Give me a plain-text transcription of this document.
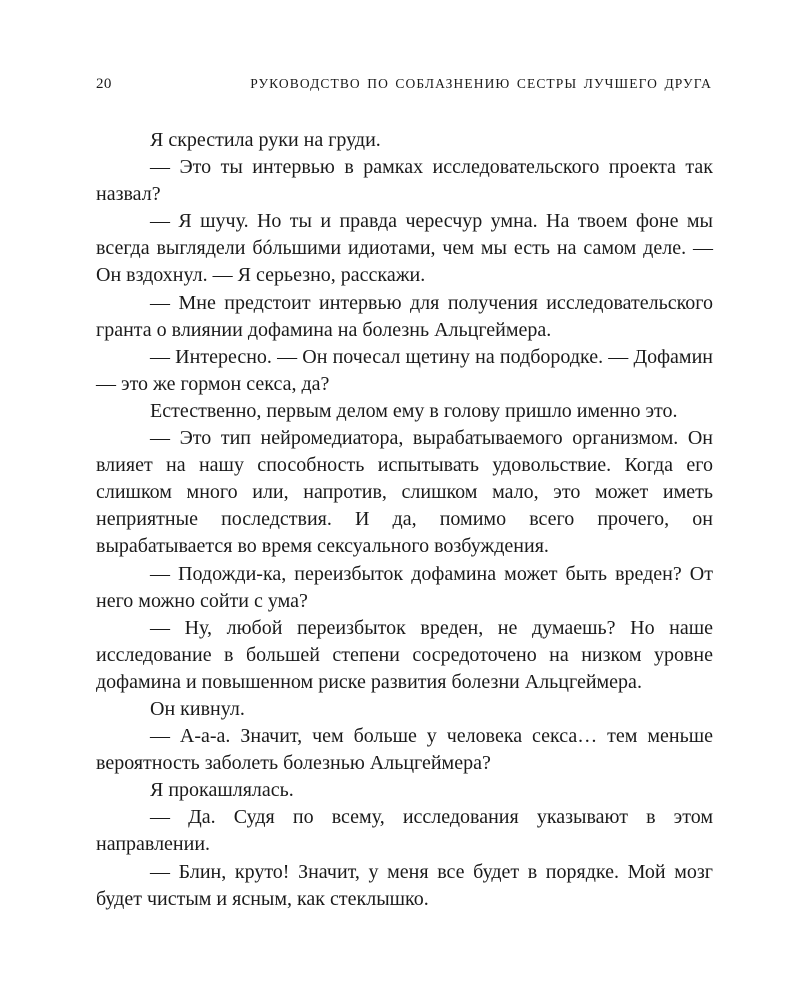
20	РУКОВОДСТВО ПО СОБЛАЗНЕНИЮ СЕСТРЫ ЛУЧШЕГО ДРУГА

Я скрестила руки на груди.

— Это ты интервью в рамках исследовательского проекта так назвал?

— Я шучу. Но ты и правда чересчур умна. На твоем фоне мы всегда выглядели бóльшими идиотами, чем мы есть на самом деле. — Он вздохнул. — Я серьезно, расскажи.

— Мне предстоит интервью для получения исследовательского гранта о влиянии дофамина на болезнь Альцгеймера.

— Интересно. — Он почесал щетину на подбородке. — Дофамин — это же гормон секса, да?

Естественно, первым делом ему в голову пришло именно это.

— Это тип нейромедиатора, вырабатываемого организмом. Он влияет на нашу способность испытывать удовольствие. Когда его слишком много или, напротив, слишком мало, это может иметь неприятные последствия. И да, помимо всего прочего, он вырабатывается во время сексуального возбуждения.

— Подожди-ка, переизбыток дофамина может быть вреден? От него можно сойти с ума?

— Ну, любой переизбыток вреден, не думаешь? Но наше исследование в большей степени сосредоточено на низком уровне дофамина и повышенном риске развития болезни Альцгеймера.

Он кивнул.

— А-а-а. Значит, чем больше у человека секса… тем меньше вероятность заболеть болезнью Альцгеймера?

Я прокашлялась.

— Да. Судя по всему, исследования указывают в этом направлении.

— Блин, круто! Значит, у меня все будет в порядке. Мой мозг будет чистым и ясным, как стеклышко.
